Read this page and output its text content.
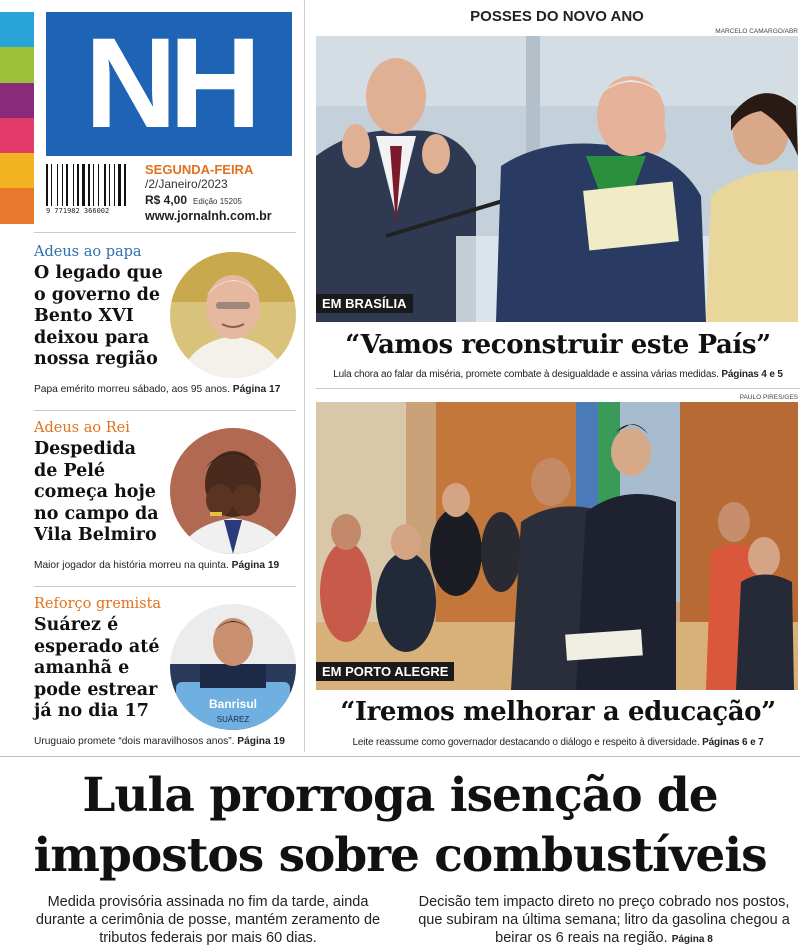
NH
9 771982 366002
SEGUNDA-FEIRA
/2/Janeiro/2023
R$ 4,00 Edição 15205
www.jornalnh.com.br
Adeus ao papa
O legado que o governo de Bento XVI deixou para nossa região
Papa emérito morreu sábado, aos 95 anos. Página 17
Adeus ao Rei
Despedida de Pelé começa hoje no campo da Vila Belmiro
Maior jogador da história morreu na quinta. Página 19
Reforço gremista
Suárez é esperado até amanhã e pode estrear já no dia 17	Banrisul
SUÁREZ
Uruguaio promete “dois maravilhosos anos”. Página 19
POSSES DO NOVO ANO
MARCELO CAMARGO/ABR
EM BRASÍLIA
“Vamos reconstruir este País”
Lula chora ao falar da miséria, promete combate à desigualdade e assina várias medidas. Páginas 4 e 5
PAULO PIRES/GES
EM PORTO ALEGRE
“Iremos melhorar a educação”
Leite reassume como governador destacando o diálogo e respeito à diversidade. Páginas 6 e 7
Lula prorroga isenção de
impostos sobre combustíveis
Medida provisória assinada no fim da tarde, ainda durante a cerimônia de posse, mantém zeramento de tributos federais por mais 60 dias.
Decisão tem impacto direto no preço cobrado nos postos, que subiram na última semana; litro da gasolina chegou a beirar os 6 reais na região. Página 8
